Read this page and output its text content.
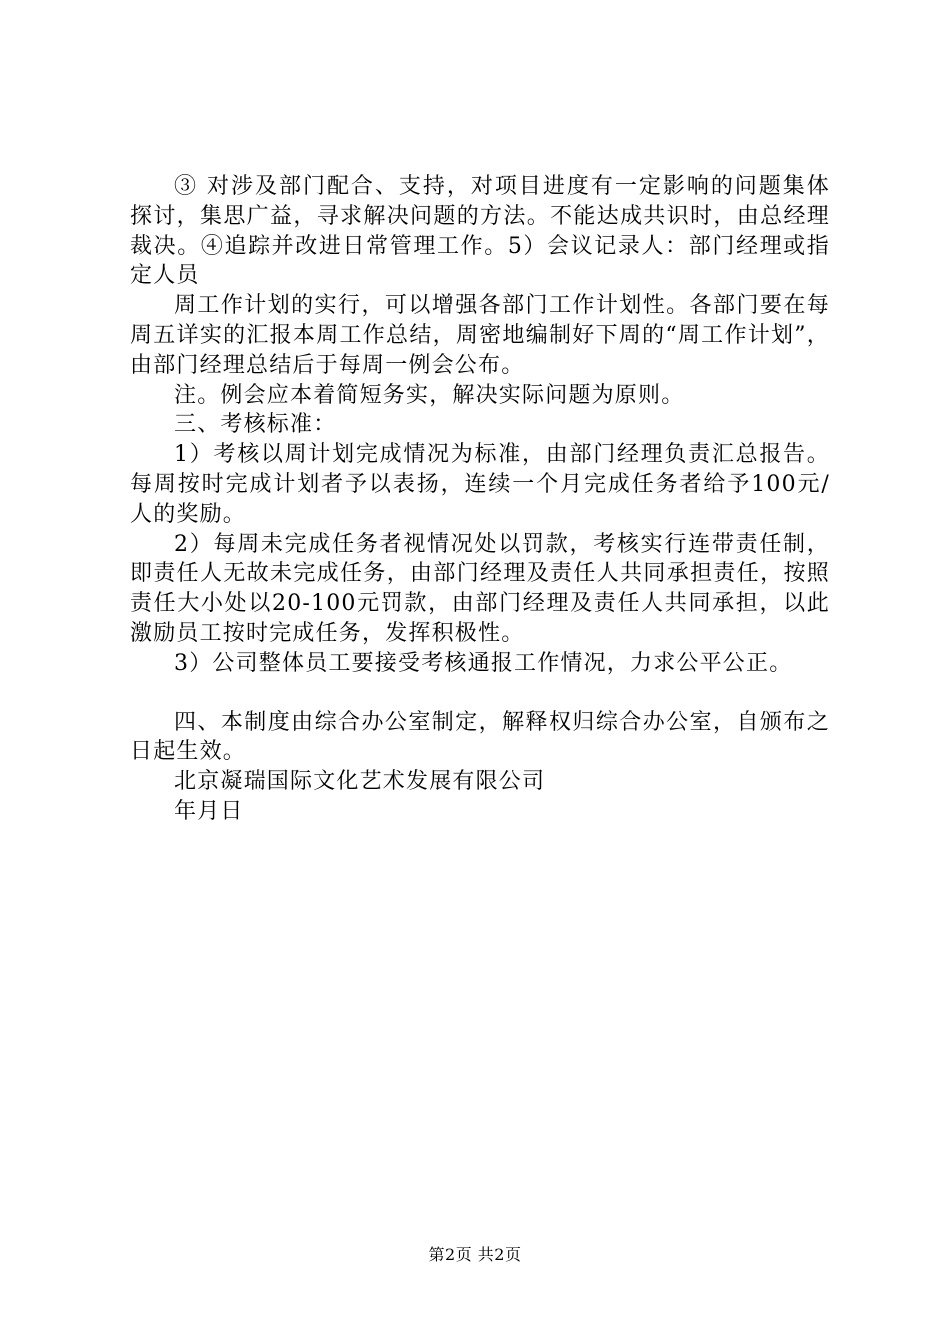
③ 对涉及部门配合、支持，对项目进度有一定影响的问题集体探讨，集思广益，寻求解决问题的方法。不能达成共识时，由总经理裁决。④追踪并改进日常管理工作。5）会议记录人：部门经理或指定人员

周工作计划的实行，可以增强各部门工作计划性。各部门要在每周五详实的汇报本周工作总结，周密地编制好下周的“周工作计划”，由部门经理总结后于每周一例会公布。

注。例会应本着简短务实，解决实际问题为原则。

三、考核标准：

1）考核以周计划完成情况为标准，由部门经理负责汇总报告。每周按时完成计划者予以表扬，连续一个月完成任务者给予100元/人的奖励。

2）每周未完成任务者视情况处以罚款，考核实行连带责任制，即责任人无故未完成任务，由部门经理及责任人共同承担责任，按照责任大小处以20-100元罚款，由部门经理及责任人共同承担，以此激励员工按时完成任务，发挥积极性。

3）公司整体员工要接受考核通报工作情况，力求公平公正。

四、本制度由综合办公室制定，解释权归综合办公室，自颁布之日起生效。

北京凝瑞国际文化艺术发展有限公司

年月日

第2页 共2页
